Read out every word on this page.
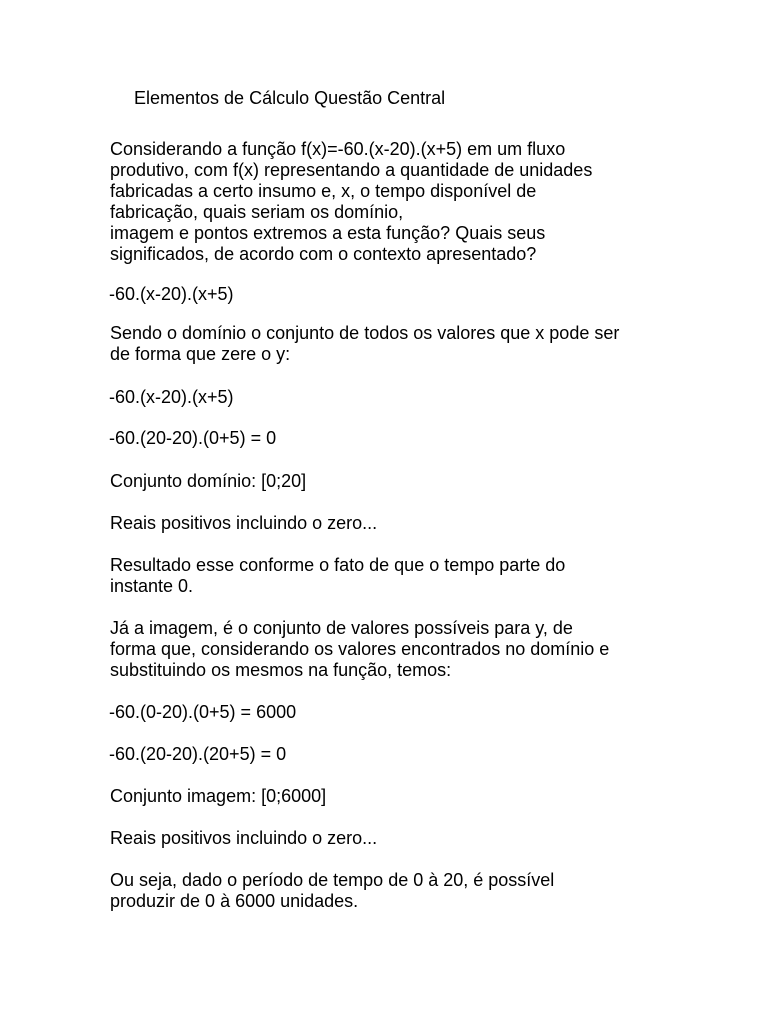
Elementos de Cálculo Questão Central
Considerando a função f(x)=-60.(x-20).(x+5) em um fluxo
produtivo, com f(x) representando a quantidade de unidades
fabricadas a certo insumo e, x, o tempo disponível de
fabricação, quais seriam os domínio,
imagem e pontos extremos a esta função? Quais seus
significados, de acordo com o contexto apresentado?
-60.(x-20).(x+5)
Sendo o domínio o conjunto de todos os valores que x pode ser
de forma que zere o y:
-60.(x-20).(x+5)
-60.(20-20).(0+5) = 0
Conjunto domínio: [0;20]
Reais positivos incluindo o zero...
Resultado esse conforme o fato de que o tempo parte do
instante 0.
Já a imagem, é o conjunto de valores possíveis para y, de
forma que, considerando os valores encontrados no domínio e
substituindo os mesmos na função, temos:
-60.(0-20).(0+5) = 6000
-60.(20-20).(20+5) = 0
Conjunto imagem: [0;6000]
Reais positivos incluindo o zero...
Ou seja, dado o período de tempo de 0 à 20, é possível
produzir de 0 à 6000 unidades.
